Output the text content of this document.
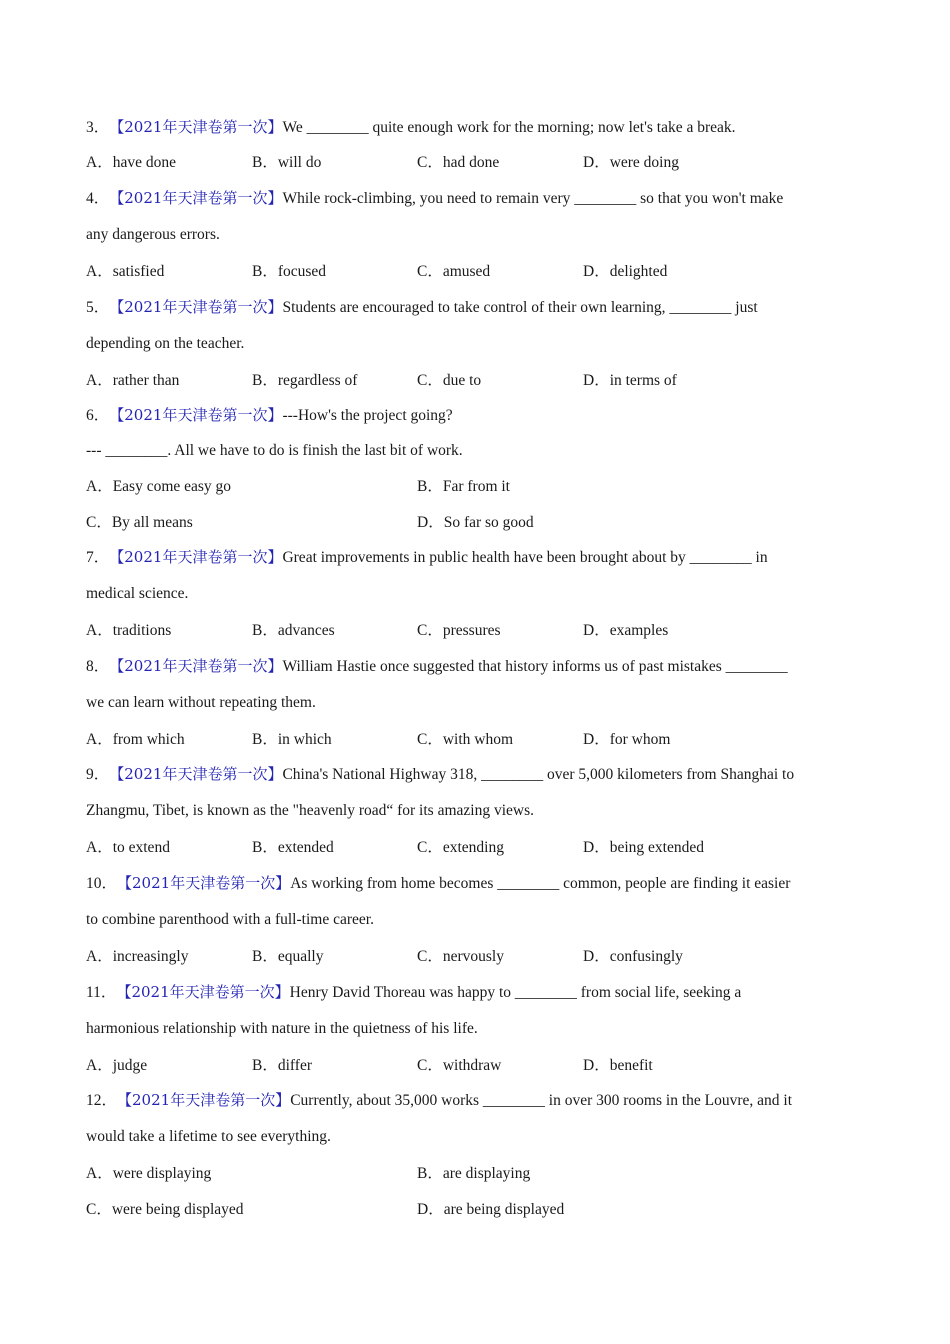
3．【2021年天津卷第一次】We ________ quite enough work for the morning; now let's take a break.
A．have done	B．will do	C．had done	D．were doing
4．【2021年天津卷第一次】While rock-climbing, you need to remain very ________ so that you won't make
any dangerous errors.
A．satisfied	B．focused	C．amused	D．delighted
5．【2021年天津卷第一次】Students are encouraged to take control of their own learning, ________ just
depending on the teacher.
A．rather than	B．regardless of	C．due to	D．in terms of
6．【2021年天津卷第一次】---How's the project going?
--- ________. All we have to do is finish the last bit of work.
A．Easy come easy go	B．Far from it
C．By all means	D．So far so good
7．【2021年天津卷第一次】Great improvements in public health have been brought about by ________ in
medical science.
A．traditions	B．advances	C．pressures	D．examples
8．【2021年天津卷第一次】William Hastie once suggested that history informs us of past mistakes ________
we can learn without repeating them.
A．from which	B．in which	C．with whom	D．for whom
9．【2021年天津卷第一次】China's National Highway 318, ________ over 5,000 kilometers from Shanghai to
Zhangmu, Tibet, is known as the "heavenly road“ for its amazing views.
A．to extend	B．extended	C．extending	D．being extended
10．【2021年天津卷第一次】As working from home becomes ________ common, people are finding it easier
to combine parenthood with a full-time career.
A．increasingly	B．equally	C．nervously	D．confusingly
11．【2021年天津卷第一次】Henry David Thoreau was happy to ________ from social life, seeking a
harmonious relationship with nature in the quietness of his life.
A．judge	B．differ	C．withdraw	D．benefit
12．【2021年天津卷第一次】Currently, about 35,000 works ________ in over 300 rooms in the Louvre, and it
would take a lifetime to see everything.
A．were displaying	B．are displaying
C．were being displayed	D．are being displayed
